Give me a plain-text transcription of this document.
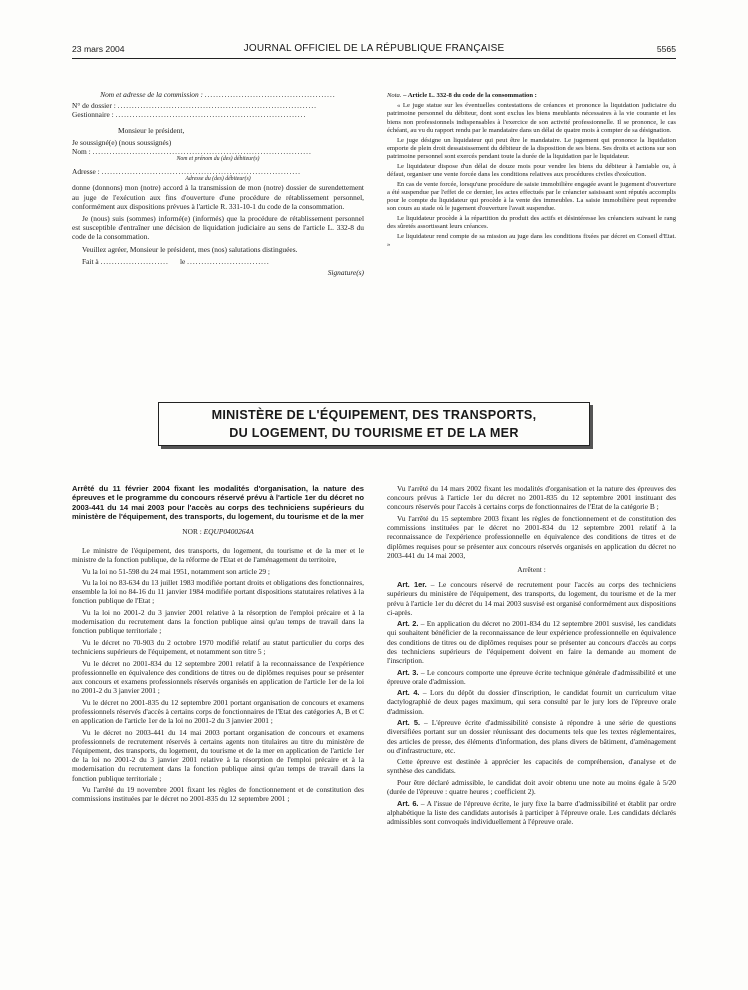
23 mars 2004	JOURNAL OFFICIEL DE LA RÉPUBLIQUE FRANÇAISE	5565

Nom et adresse de la commission : ..............................................

N° de dossier : ......................................................................

Gestionnaire : ...................................................................

Monsieur le président,

Je soussigné(e) (nous soussignés)

Nom : .............................................................................

Nom et prénom du (des) débiteur(s)

Adresse : ......................................................................

Adresse du (des) débiteur(s)

donne (donnons) mon (notre) accord à la transmission de mon (notre) dossier de surendettement au juge de l'exécution aux fins d'ouverture d'une procédure de rétablissement personnel, conformément aux dispositions prévues à l'article R. 331-10-1 du code de la consommation.

Je (nous) suis (sommes) informé(e) (informés) que la procédure de rétablissement personnel est susceptible d'entraîner une décision de liquidation judiciaire au sens de l'article L. 332-8 du code de la consommation.

Veuillez agréer, Monsieur le président, mes (nos) salutations distinguées.

Fait à ........................ le .............................

Signature(s)

Nota. – Article L. 332-8 du code de la consommation :

« Le juge statue sur les éventuelles contestations de créances et prononce la liquidation judiciaire du patrimoine personnel du débiteur, dont sont exclus les biens meublants nécessaires à la vie courante et les biens non professionnels indispensables à l'exercice de son activité professionnelle. Il se prononce, le cas échéant, au vu du rapport rendu par le mandataire dans un délai de quatre mois à compter de sa désignation.

Le juge désigne un liquidateur qui peut être le mandataire. Le jugement qui prononce la liquidation emporte de plein droit dessaisissement du débiteur de la disposition de ses biens. Ses droits et actions sur son patrimoine personnel sont exercés pendant toute la durée de la liquidation par le liquidateur.

Le liquidateur dispose d'un délai de douze mois pour vendre les biens du débiteur à l'amiable ou, à défaut, organiser une vente forcée dans les conditions relatives aux procédures civiles d'exécution.

En cas de vente forcée, lorsqu'une procédure de saisie immobilière engagée avant le jugement d'ouverture a été suspendue par l'effet de ce dernier, les actes effectués par le créancier saisissant sont réputés accomplis pour le compte du liquidateur qui procède à la vente des immeubles. La saisie immobilière peut reprendre son cours au stade où le jugement d'ouverture l'avait suspendue.

Le liquidateur procède à la répartition du produit des actifs et désintéresse les créanciers suivant le rang des sûretés assortissant leurs créances.

Le liquidateur rend compte de sa mission au juge dans les conditions fixées par décret en Conseil d'Etat. »

MINISTÈRE DE L'ÉQUIPEMENT, DES TRANSPORTS,
DU LOGEMENT, DU TOURISME ET DE LA MER

Arrêté du 11 février 2004 fixant les modalités d'organisation, la nature des épreuves et le programme du concours réservé prévu à l'article 1er du décret no 2003-441 du 14 mai 2003 pour l'accès au corps des techniciens supérieurs du ministère de l'équipement, des transports, du logement, du tourisme et de la mer

NOR : EQUP0400264A

Le ministre de l'équipement, des transports, du logement, du tourisme et de la mer et le ministre de la fonction publique, de la réforme de l'Etat et de l'aménagement du territoire,

Vu la loi no 51-598 du 24 mai 1951, notamment son article 29 ;

Vu la loi no 83-634 du 13 juillet 1983 modifiée portant droits et obligations des fonctionnaires, ensemble la loi no 84-16 du 11 janvier 1984 modifiée portant dispositions statutaires relatives à la fonction publique de l'Etat ;

Vu la loi no 2001-2 du 3 janvier 2001 relative à la résorption de l'emploi précaire et à la modernisation du recrutement dans la fonction publique ainsi qu'au temps de travail dans la fonction publique territoriale ;

Vu le décret no 70-903 du 2 octobre 1970 modifié relatif au statut particulier du corps des techniciens supérieurs de l'équipement, et notamment son titre 5 ;

Vu le décret no 2001-834 du 12 septembre 2001 relatif à la reconnaissance de l'expérience professionnelle en équivalence des conditions de titres ou de diplômes requises pour se présenter aux concours et examens professionnels réservés organisés en application de l'article 1er de la loi no 2001-2 du 3 janvier 2001 ;

Vu le décret no 2001-835 du 12 septembre 2001 portant organisation de concours et examens professionnels réservés d'accès à certains corps de fonctionnaires de l'Etat des catégories A, B et C en application de l'article 1er de la loi no 2001-2 du 3 janvier 2001 ;

Vu le décret no 2003-441 du 14 mai 2003 portant organisation de concours et examens professionnels de recrutement réservés à certains agents non titulaires au titre du ministère de l'équipement, des transports, du logement, du tourisme et de la mer en application de l'article 1er de la loi no 2001-2 du 3 janvier 2001 relative à la résorption de l'emploi précaire et à la modernisation du recrutement dans la fonction publique ainsi qu'au temps de travail dans la fonction publique territoriale ;

Vu l'arrêté du 19 novembre 2001 fixant les règles de fonctionnement et de constitution des commissions instituées par le décret no 2001-835 du 12 septembre 2001 ;

Vu l'arrêté du 14 mars 2002 fixant les modalités d'organisation et la nature des épreuves des concours prévus à l'article 1er du décret no 2001-835 du 12 septembre 2001 instituant des concours réservés pour l'accès à certains corps de fonctionnaires de l'Etat de la catégorie B ;

Vu l'arrêté du 15 septembre 2003 fixant les règles de fonctionnement et de constitution des commissions instituées par le décret no 2001-834 du 12 septembre 2001 relatif à la reconnaissance de l'expérience professionnelle en équivalence des conditions de titres et de diplômes requises pour se présenter aux concours réservés organisés en application du décret no 2003-441 du 14 mai 2003,

Arrêtent :

Art. 1er. – Le concours réservé de recrutement pour l'accès au corps des techniciens supérieurs du ministère de l'équipement, des transports, du logement, du tourisme et de la mer prévu à l'article 1er du décret du 14 mai 2003 susvisé est organisé conformément aux dispositions ci-après.

Art. 2. – En application du décret no 2001-834 du 12 septembre 2001 susvisé, les candidats qui souhaitent bénéficier de la reconnaissance de leur expérience professionnelle en équivalence des conditions de titres ou de diplômes requises pour se présenter au concours d'accès au corps des techniciens supérieurs de l'équipement doivent en faire la demande au moment de l'inscription.

Art. 3. – Le concours comporte une épreuve écrite technique générale d'admissibilité et une épreuve orale d'admission.

Art. 4. – Lors du dépôt du dossier d'inscription, le candidat fournit un curriculum vitae dactylographié de deux pages maximum, qui sera consulté par le jury lors de l'épreuve orale d'admission.

Art. 5. – L'épreuve écrite d'admissibilité consiste à répondre à une série de questions diversifiées portant sur un dossier réunissant des documents tels que les textes réglementaires, des articles de presse, des éléments d'information, des plans divers de bâtiment, d'aménagement ou d'infrastructure, etc.

Cette épreuve est destinée à apprécier les capacités de compréhension, d'analyse et de synthèse des candidats.

Pour être déclaré admissible, le candidat doit avoir obtenu une note au moins égale à 5/20 (durée de l'épreuve : quatre heures ; coefficient 2).

Art. 6. – A l'issue de l'épreuve écrite, le jury fixe la barre d'admissibilité et établit par ordre alphabétique la liste des candidats autorisés à participer à l'épreuve orale. Les candidats déclarés admissibles sont convoqués individuellement à l'épreuve orale.
